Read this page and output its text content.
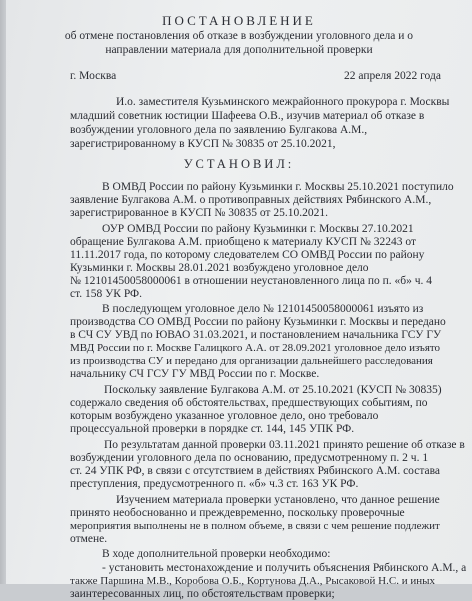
ПОСТАНОВЛЕНИЕ
об отмене постановления об отказе в возбуждении уголовного дела и о
направлении материала для дополнительной проверки
г. Москва	22 апреля 2022 года
И.о. заместителя Кузьминского межрайонного прокурора г. Москвы
младший советник юстиции Шафеева О.В., изучив материал об отказе в
возбуждении уголовного дела по заявлению Булгакова А.М.,
зарегистрированному в КУСП № 30835 от 25.10.2021,
УСТАНОВИЛ:
В ОМВД России по району Кузьминки г. Москвы 25.10.2021 поступило
заявление Булгакова А.М. о противоправных действиях Рябинского А.М.,
зарегистрированное в КУСП № 30835 от 25.10.2021.
ОУР ОМВД России по району Кузьминки г. Москвы 27.10.2021
обращение Булгакова А.М. приобщено к материалу КУСП № 32243 от
11.11.2017 года, по которому следователем СО ОМВД России по району
Кузьминки г. Москвы 28.01.2021 возбуждено уголовное дело
№ 12101450058000061 в отношении неустановленного лица по п. «б» ч. 4
ст. 158 УК РФ.
В последующем уголовное дело № 12101450058000061 изъято из
производства СО ОМВД России по району Кузьминки г. Москвы и передано
в СЧ СУ УВД по ЮВАО 31.03.2021, и постановлением начальника ГСУ ГУ
МВД России по г. Москве Галицкого А.А. от 28.09.2021 уголовное дело изъято
из производства СУ и передано для организации дальнейшего расследования
начальнику СЧ ГСУ ГУ МВД России по г. Москве.
Поскольку заявление Булгакова А.М. от 25.10.2021 (КУСП № 30835)
содержало сведения об обстоятельствах, предшествующих событиям, по
которым возбуждено указанное уголовное дело, оно требовало
процессуальной проверки в порядке ст. 144, 145 УПК РФ.
По результатам данной проверки 03.11.2021 принято решение об отказе в
возбуждении уголовного дела по основанию, предусмотренному п. 2 ч. 1
ст. 24 УПК РФ, в связи с отсутствием в действиях Рябинского А.М. состава
преступления, предусмотренного п. «б» ч.3 ст. 163 УК РФ.
Изучением материала проверки установлено, что данное решение
принято необоснованно и преждевременно, поскольку проверочные
мероприятия выполнены не в полном объеме, в связи с чем решение подлежит
отмене.
В ходе дополнительной проверки необходимо:
- установить местонахождение и получить объяснения Рябинского А.М., а
также Паршина М.В., Коробова О.Б., Кортунова Д.А., Рысаковой Н.С. и иных
заинтересованных лиц, по обстоятельствам проверки;
